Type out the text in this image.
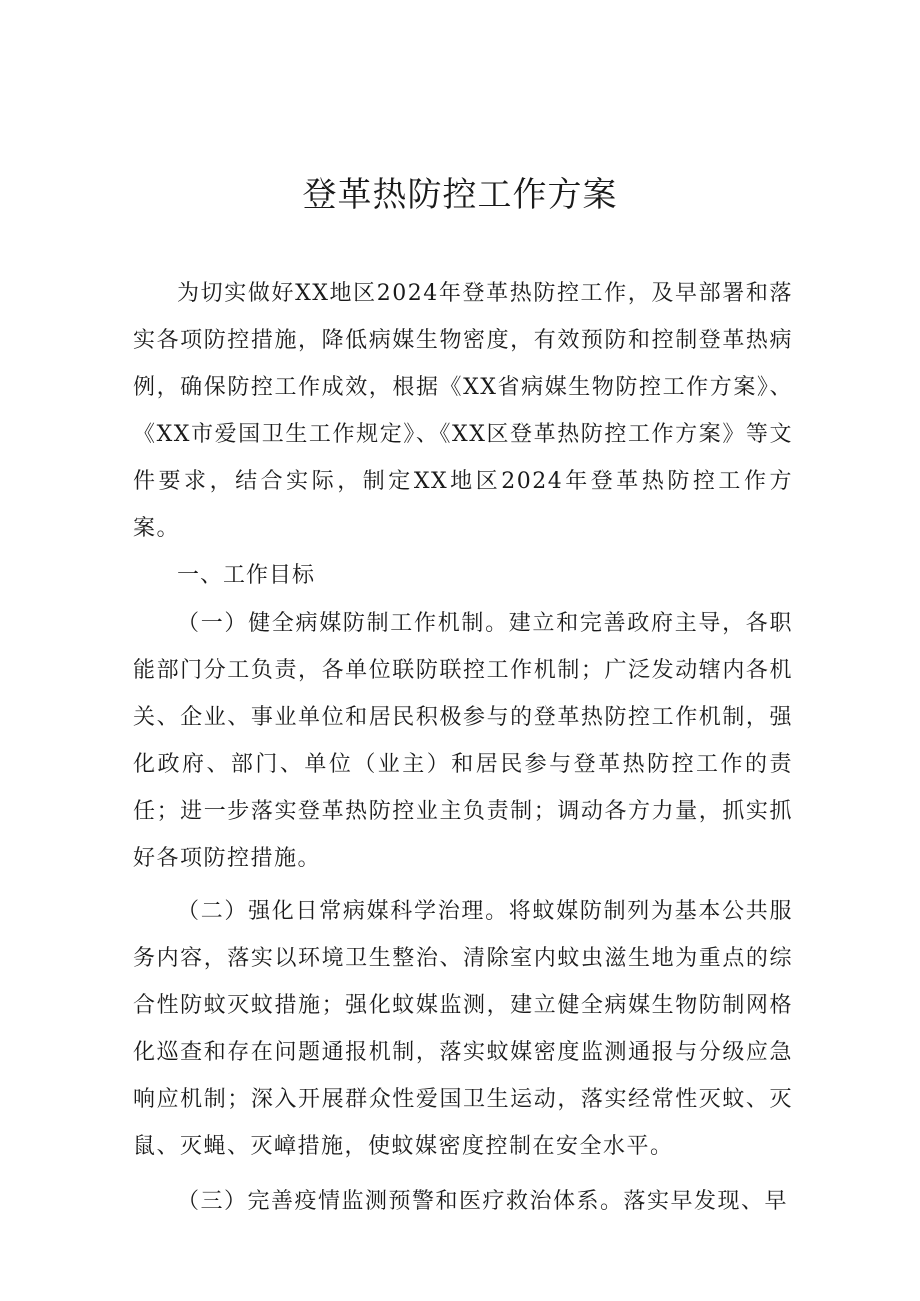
登革热防控工作方案

为切实做好XX地区2024年登革热防控工作，及早部署和落实各项防控措施，降低病媒生物密度，有效预防和控制登革热病例，确保防控工作成效，根据《XX省病媒生物防控工作方案》、《XX市爱国卫生工作规定》、《XX区登革热防控工作方案》等文件要求，结合实际，制定XX地区2024年登革热防控工作方案。

一、工作目标

（一）健全病媒防制工作机制。建立和完善政府主导，各职能部门分工负责，各单位联防联控工作机制；广泛发动辖内各机关、企业、事业单位和居民积极参与的登革热防控工作机制，强化政府、部门、单位（业主）和居民参与登革热防控工作的责任；进一步落实登革热防控业主负责制；调动各方力量，抓实抓好各项防控措施。

（二）强化日常病媒科学治理。将蚊媒防制列为基本公共服务内容，落实以环境卫生整治、清除室内蚊虫滋生地为重点的综合性防蚊灭蚊措施；强化蚊媒监测，建立健全病媒生物防制网格化巡查和存在问题通报机制，落实蚊媒密度监测通报与分级应急响应机制；深入开展群众性爱国卫生运动，落实经常性灭蚊、灭鼠、灭蝇、灭嶂措施，使蚊媒密度控制在安全水平。

（三）完善疫情监测预警和医疗救治体系。落实早发现、早
